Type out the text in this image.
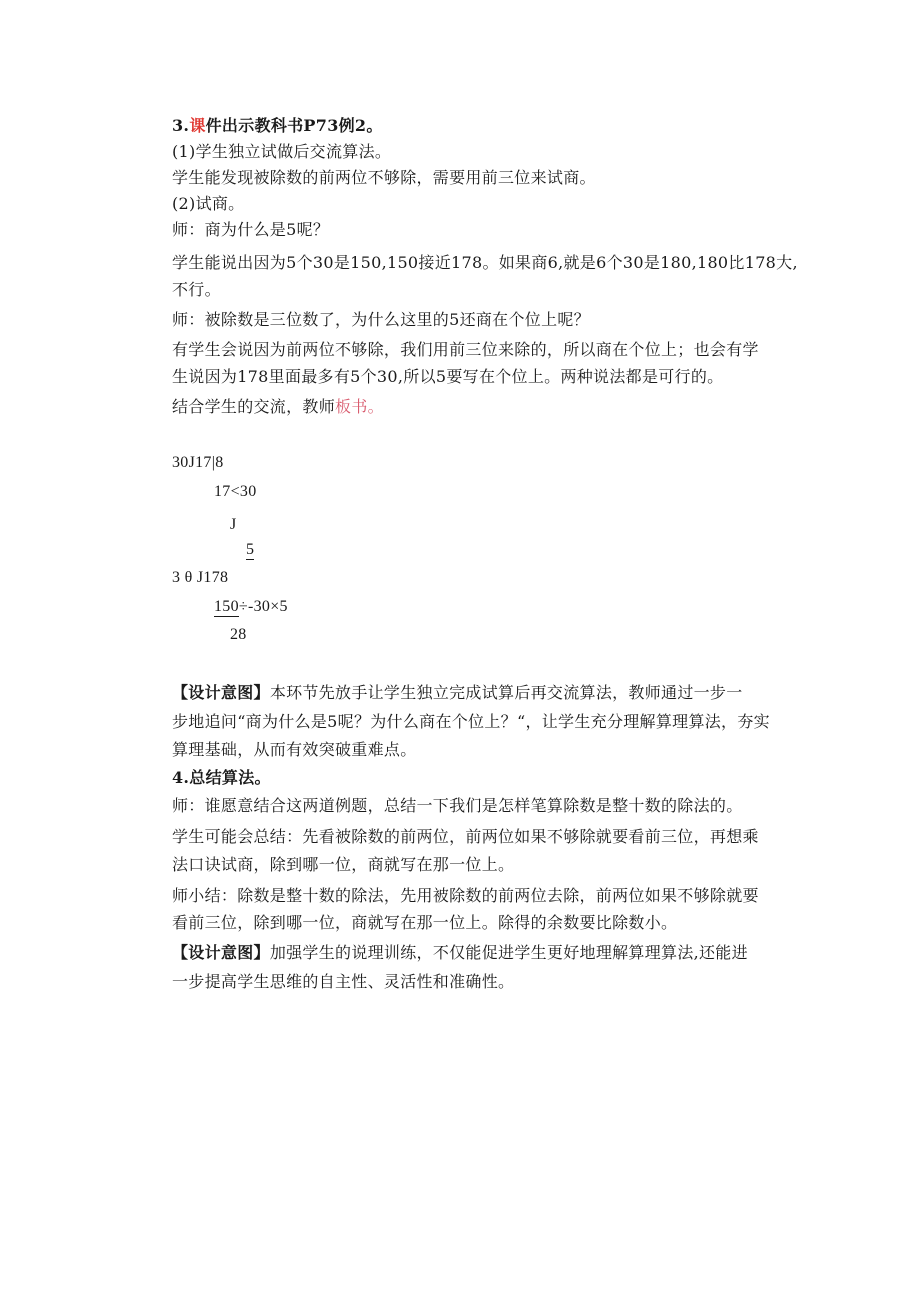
3.课件出示教科书P73例2。
(1)学生独立试做后交流算法。
学生能发现被除数的前两位不够除，需要用前三位来试商。
(2)试商。
师：商为什么是5呢？
学生能说出因为5个30是150,150接近178。如果商6,就是6个30是180,180比178大,
不行。
师：被除数是三位数了，为什么这里的5还商在个位上呢？
有学生会说因为前两位不够除，我们用前三位来除的，所以商在个位上；也会有学
生说因为178里面最多有5个30,所以5要写在个位上。两种说法都是可行的。
结合学生的交流，教师板书。
30J17|8
17<30
J
5
3 θ J178
150÷-30×5
28
【设计意图】本环节先放手让学生独立完成试算后再交流算法，教师通过一步一
步地追问“商为什么是5呢？为什么商在个位上？“，让学生充分理解算理算法，夯实
算理基础，从而有效突破重难点。
4.总结算法。
师：谁愿意结合这两道例题，总结一下我们是怎样笔算除数是整十数的除法的。
学生可能会总结：先看被除数的前两位，前两位如果不够除就要看前三位，再想乘
法口诀试商，除到哪一位，商就写在那一位上。
师小结：除数是整十数的除法，先用被除数的前两位去除，前两位如果不够除就要
看前三位，除到哪一位，商就写在那一位上。除得的余数要比除数小。
【设计意图】加强学生的说理训练，不仅能促进学生更好地理解算理算法,还能进
一步提高学生思维的自主性、灵活性和准确性。
